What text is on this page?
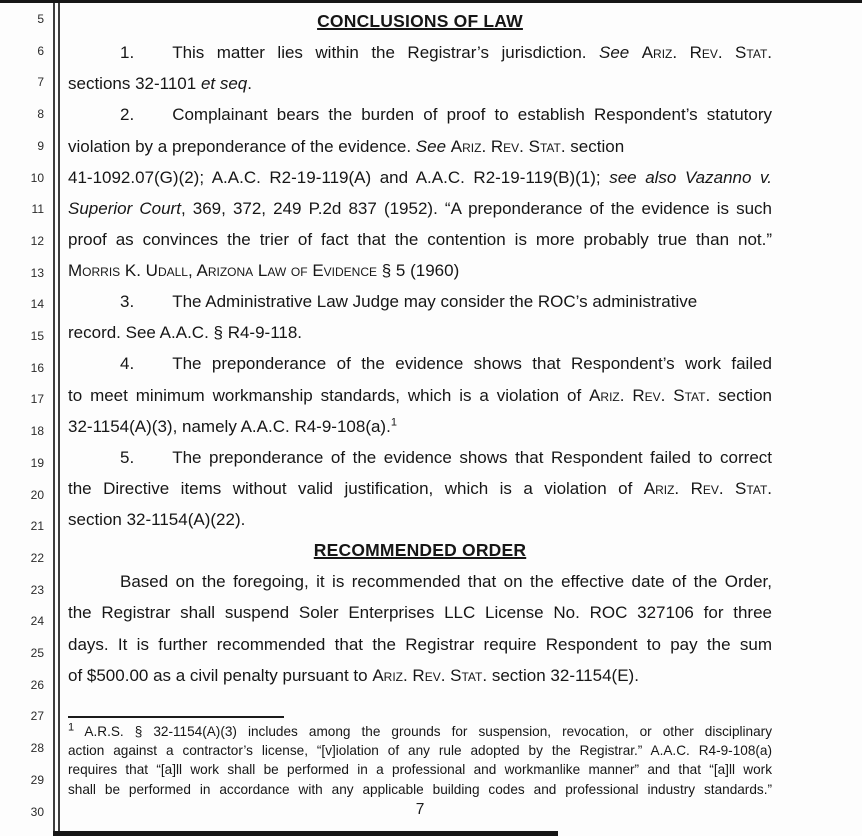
5
6
7
8
9
10
11
12
13
14
15
16
17
18
19
20
21
22
23
24
25
26
27
28
29
30
CONCLUSIONS OF LAW
1. This matter lies within the Registrar’s jurisdiction. See Ariz. Rev. Stat.
sections 32-1101 et seq.
2. Complainant bears the burden of proof to establish Respondent’s statutory
violation by a preponderance of the evidence. See Ariz. Rev. Stat. section
41-1092.07(G)(2); A.A.C. R2-19-119(A) and A.A.C. R2-19-119(B)(1); see also Vazanno v.
Superior Court, 369, 372, 249 P.2d 837 (1952). “A preponderance of the evidence is such
proof as convinces the trier of fact that the contention is more probably true than not.”
Morris K. Udall, Arizona Law of Evidence § 5 (1960)
3. The Administrative Law Judge may consider the ROC’s administrative
record. See A.A.C. § R4-9-118.
4. The preponderance of the evidence shows that Respondent’s work failed
to meet minimum workmanship standards, which is a violation of Ariz. Rev. Stat. section
32-1154(A)(3), namely A.A.C. R4-9-108(a).$^1$
5. The preponderance of the evidence shows that Respondent failed to correct
the Directive items without valid justification, which is a violation of Ariz. Rev. Stat.
section 32-1154(A)(22).
RECOMMENDED ORDER
Based on the foregoing, it is recommended that on the effective date of the Order,
the Registrar shall suspend Soler Enterprises LLC License No. ROC 327106 for three
days. It is further recommended that the Registrar require Respondent to pay the sum
of $500.00 as a civil penalty pursuant to Ariz. Rev. Stat. section 32-1154(E).
$^1$ A.R.S. § 32-1154(A)(3) includes among the grounds for suspension, revocation, or other disciplinary
action against a contractor’s license, “[v]iolation of any rule adopted by the Registrar.” A.A.C. R4-9-108(a)
requires that “[a]ll work shall be performed in a professional and workmanlike manner” and that “[a]ll work
shall be performed in accordance with any applicable building codes and professional industry standards.”
7
